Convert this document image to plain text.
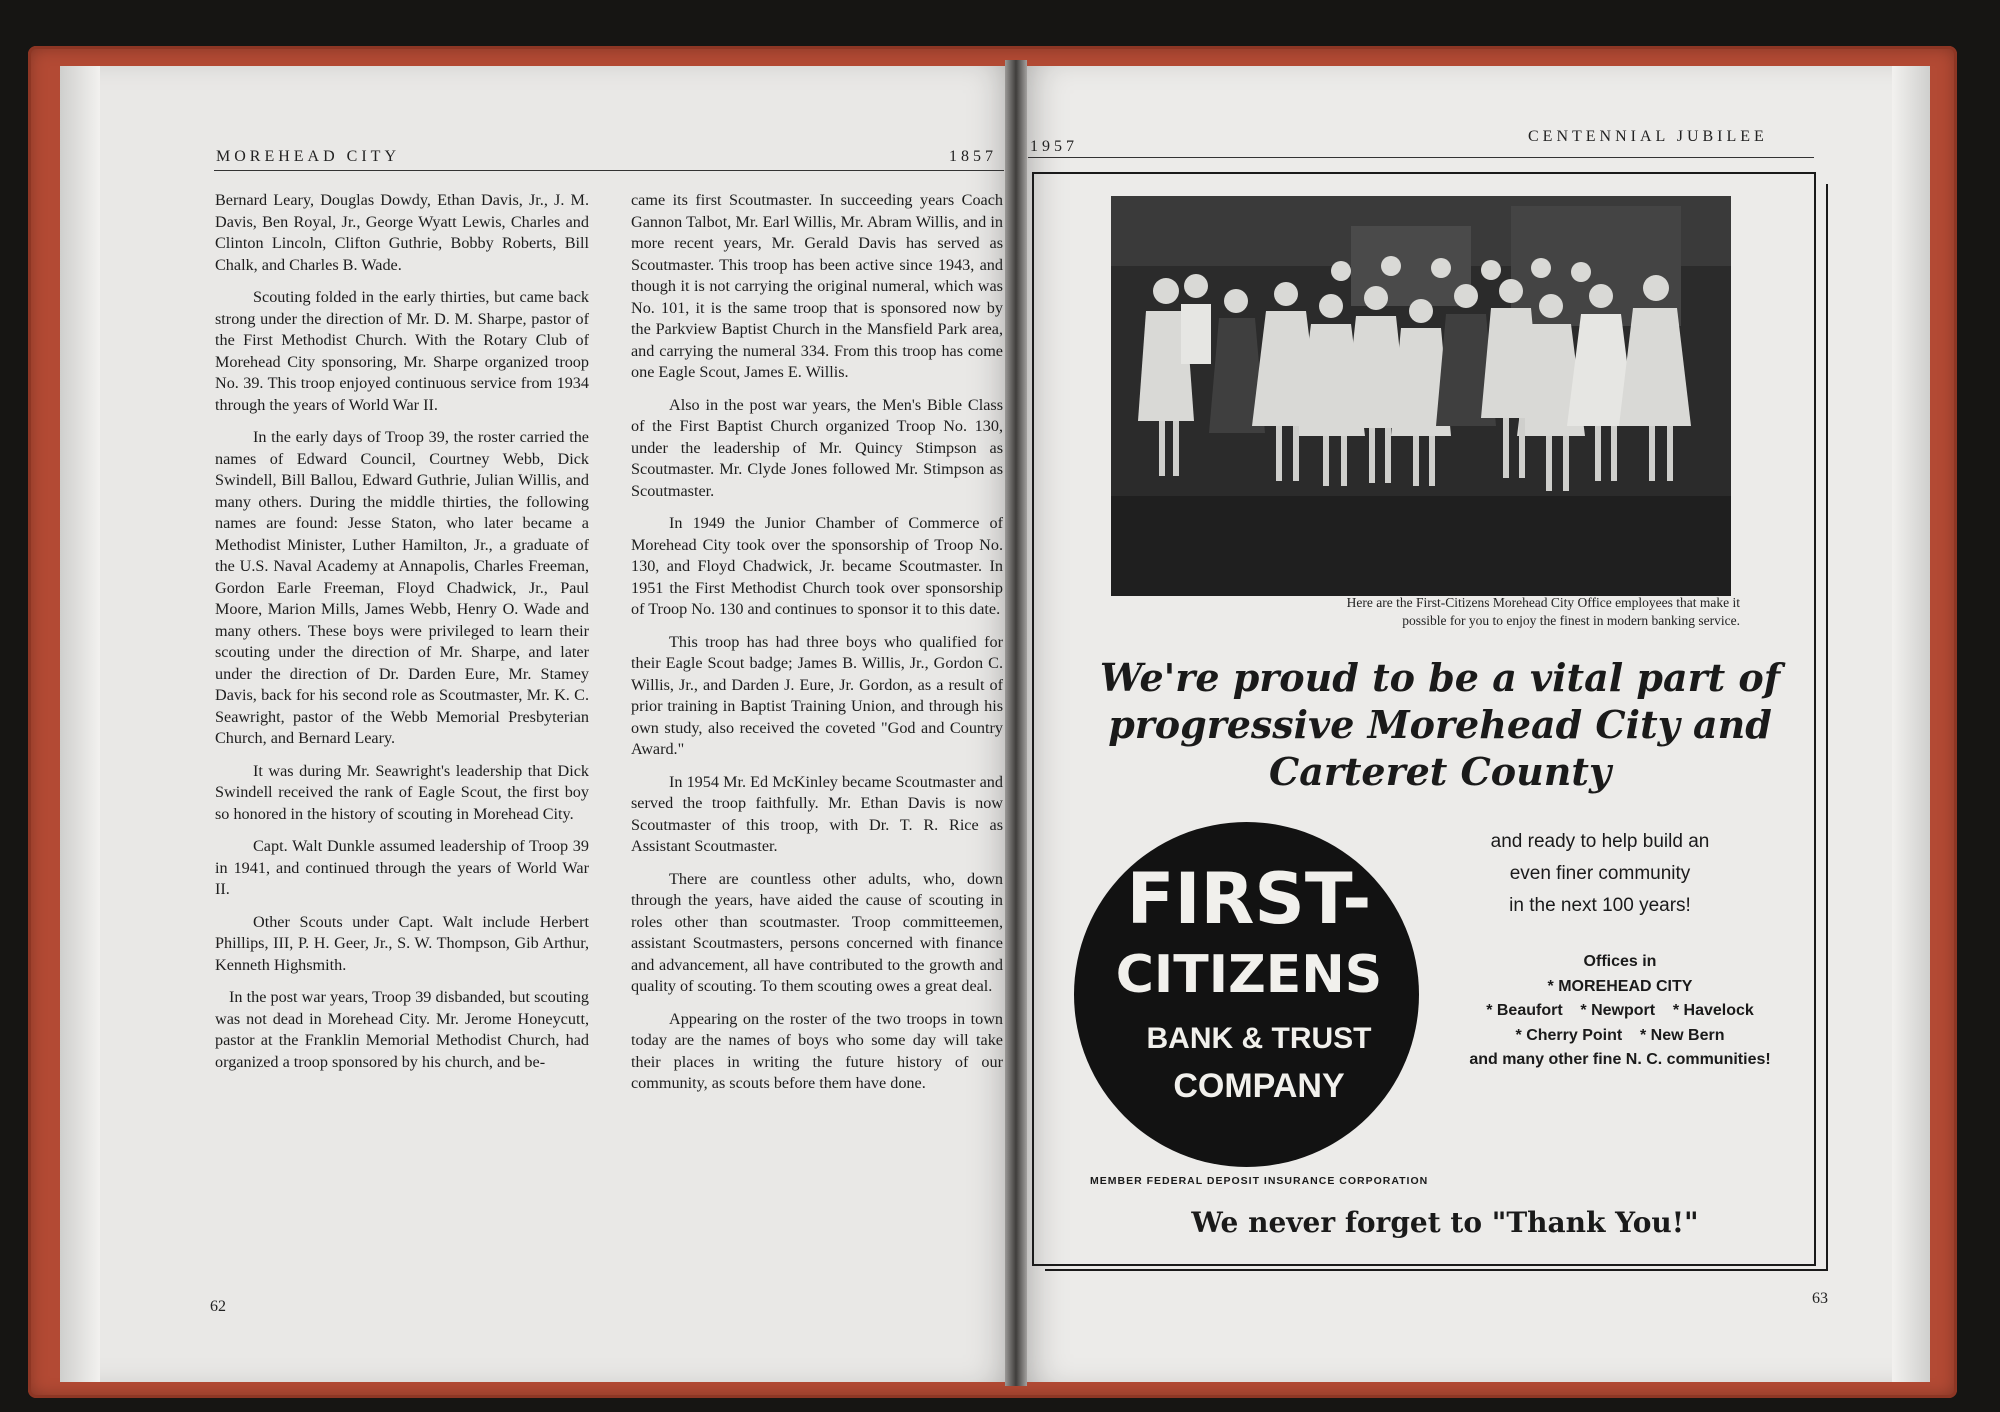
MOREHEAD CITY	1857

Bernard Leary, Douglas Dowdy, Ethan Davis, Jr., J. M. Davis, Ben Royal, Jr., George Wyatt Lewis, Charles and Clinton Lincoln, Clifton Guthrie, Bobby Roberts, Bill Chalk, and Charles B. Wade.

Scouting folded in the early thirties, but came back strong under the direction of Mr. D. M. Sharpe, pastor of the First Methodist Church. With the Rotary Club of Morehead City sponsoring, Mr. Sharpe organized troop No. 39. This troop enjoyed continuous service from 1934 through the years of World War II.

In the early days of Troop 39, the roster carried the names of Edward Council, Courtney Webb, Dick Swindell, Bill Ballou, Edward Guthrie, Julian Willis, and many others. During the middle thirties, the following names are found: Jesse Staton, who later became a Methodist Minister, Luther Hamilton, Jr., a graduate of the U.S. Naval Academy at Annapolis, Charles Freeman, Gordon Earle Freeman, Floyd Chadwick, Jr., Paul Moore, Marion Mills, James Webb, Henry O. Wade and many others. These boys were privileged to learn their scouting under the direction of Mr. Sharpe, and later under the direction of Dr. Darden Eure, Mr. Stamey Davis, back for his second role as Scoutmaster, Mr. K. C. Seawright, pastor of the Webb Memorial Presbyterian Church, and Bernard Leary.

It was during Mr. Seawright's leadership that Dick Swindell received the rank of Eagle Scout, the first boy so honored in the history of scouting in Morehead City.

Capt. Walt Dunkle assumed leadership of Troop 39 in 1941, and continued through the years of World War II.

Other Scouts under Capt. Walt include Herbert Phillips, III, P. H. Geer, Jr., S. W. Thompson, Gib Arthur, Kenneth Highsmith.

In the post war years, Troop 39 disbanded, but scouting was not dead in Morehead City. Mr. Jerome Honeycutt, pastor at the Franklin Memorial Methodist Church, had organized a troop sponsored by his church, and be-

came its first Scoutmaster. In succeeding years Coach Gannon Talbot, Mr. Earl Willis, Mr. Abram Willis, and in more recent years, Mr. Gerald Davis has served as Scoutmaster. This troop has been active since 1943, and though it is not carrying the original numeral, which was No. 101, it is the same troop that is sponsored now by the Parkview Baptist Church in the Mansfield Park area, and carrying the numeral 334. From this troop has come one Eagle Scout, James E. Willis.

Also in the post war years, the Men's Bible Class of the First Baptist Church organized Troop No. 130, under the leadership of Mr. Quincy Stimpson as Scoutmaster. Mr. Clyde Jones followed Mr. Stimpson as Scoutmaster.

In 1949 the Junior Chamber of Commerce of Morehead City took over the sponsorship of Troop No. 130, and Floyd Chadwick, Jr. became Scoutmaster. In 1951 the First Methodist Church took over sponsorship of Troop No. 130 and continues to sponsor it to this date.

This troop has had three boys who qualified for their Eagle Scout badge; James B. Willis, Jr., Gordon C. Willis, Jr., and Darden J. Eure, Jr. Gordon, as a result of prior training in Baptist Training Union, and through his own study, also received the coveted "God and Country Award."

In 1954 Mr. Ed McKinley became Scoutmaster and served the troop faithfully. Mr. Ethan Davis is now Scoutmaster of this troop, with Dr. T. R. Rice as Assistant Scoutmaster.

There are countless other adults, who, down through the years, have aided the cause of scouting in roles other than scoutmaster. Troop committeemen, assistant Scoutmasters, persons concerned with finance and advancement, all have contributed to the growth and quality of scouting. To them scouting owes a great deal.

Appearing on the roster of the two troops in town today are the names of boys who some day will take their places in writing the future history of our community, as scouts before them have done.

62
1957
CENTENNIAL JUBILEE
Here are the First-Citizens Morehead City Office employees that make it possible for you to enjoy the finest in modern banking service.
We're proud to be a vital part of
progressive Morehead City and
Carteret County
FIRST-
CITIZENS
BANK & TRUST
COMPANY
MEMBER FEDERAL DEPOSIT INSURANCE CORPORATION
and ready to help build an
even finer community
in the next 100 years!
Offices in
* MOREHEAD CITY
* Beaufort    * Newport    * Havelock
* Cherry Point    * New Bern
and many other fine N. C. communities!
We never forget to "Thank You!"
63
